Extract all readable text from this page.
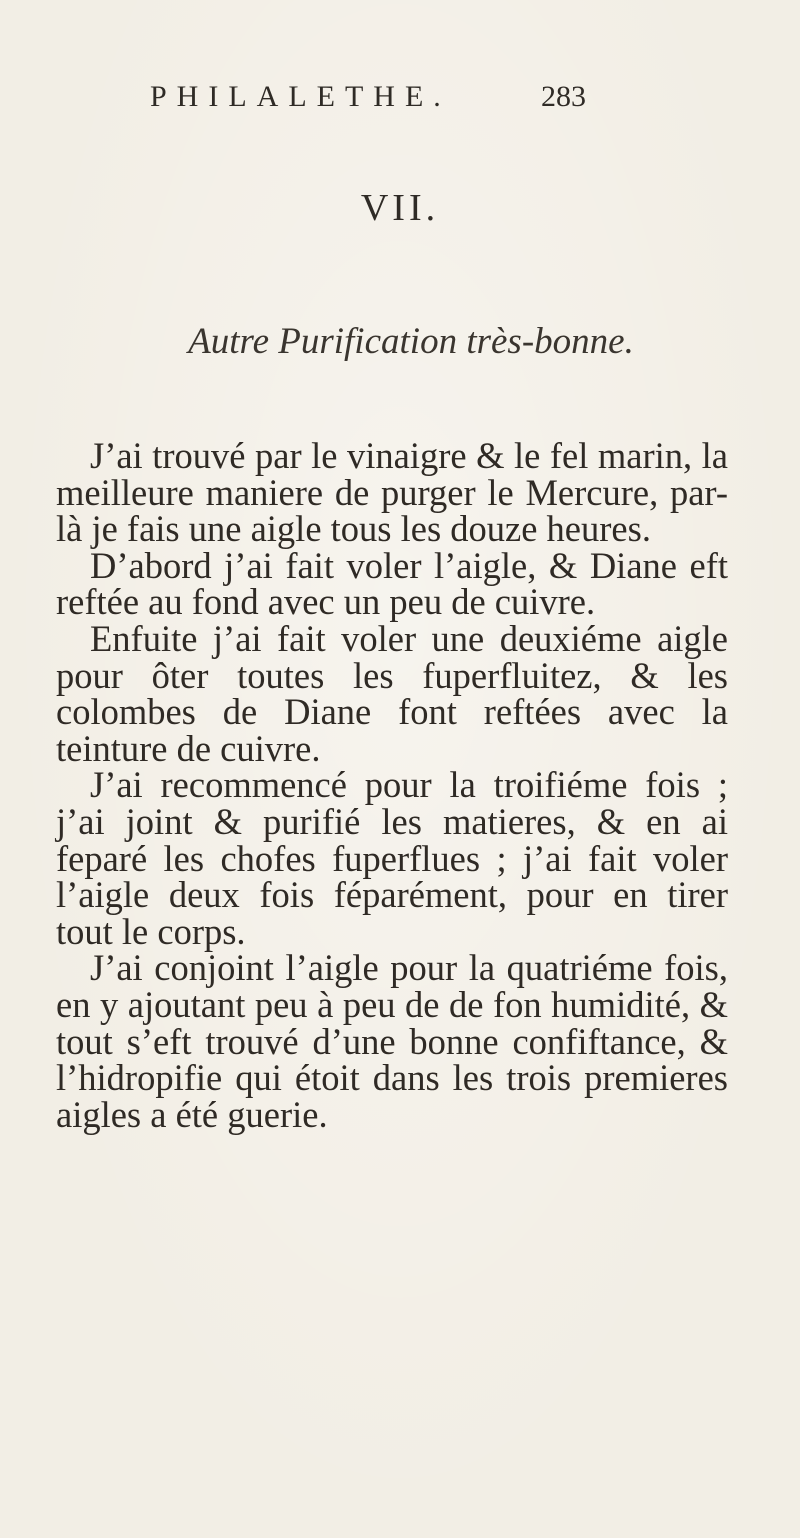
PHILALETHE.	283
VII.
Autre Purification très-bonne.

J’ai trouvé par le vinaigre & le fel marin, la meilleure maniere de purger le Mercure, par-là je fais une aigle tous les douze heures.

D’abord j’ai fait voler l’aigle, & Diane eft reftée au fond avec un peu de cuivre.

Enfuite j’ai fait voler une deuxiéme aigle pour ôter toutes les fuperfluitez, & les colombes de Diane font reftées avec la teinture de cuivre.

J’ai recommencé pour la troifiéme fois ; j’ai joint & purifié les matieres, & en ai feparé les chofes fuperflues ; j’ai fait voler l’aigle deux fois féparément, pour en tirer tout le corps.

J’ai conjoint l’aigle pour la quatriéme fois, en y ajoutant peu à peu de de fon humidité, & tout s’eft trouvé d’une bonne confiftance, & l’hidropifie qui étoit dans les trois premieres aigles a été guerie.
